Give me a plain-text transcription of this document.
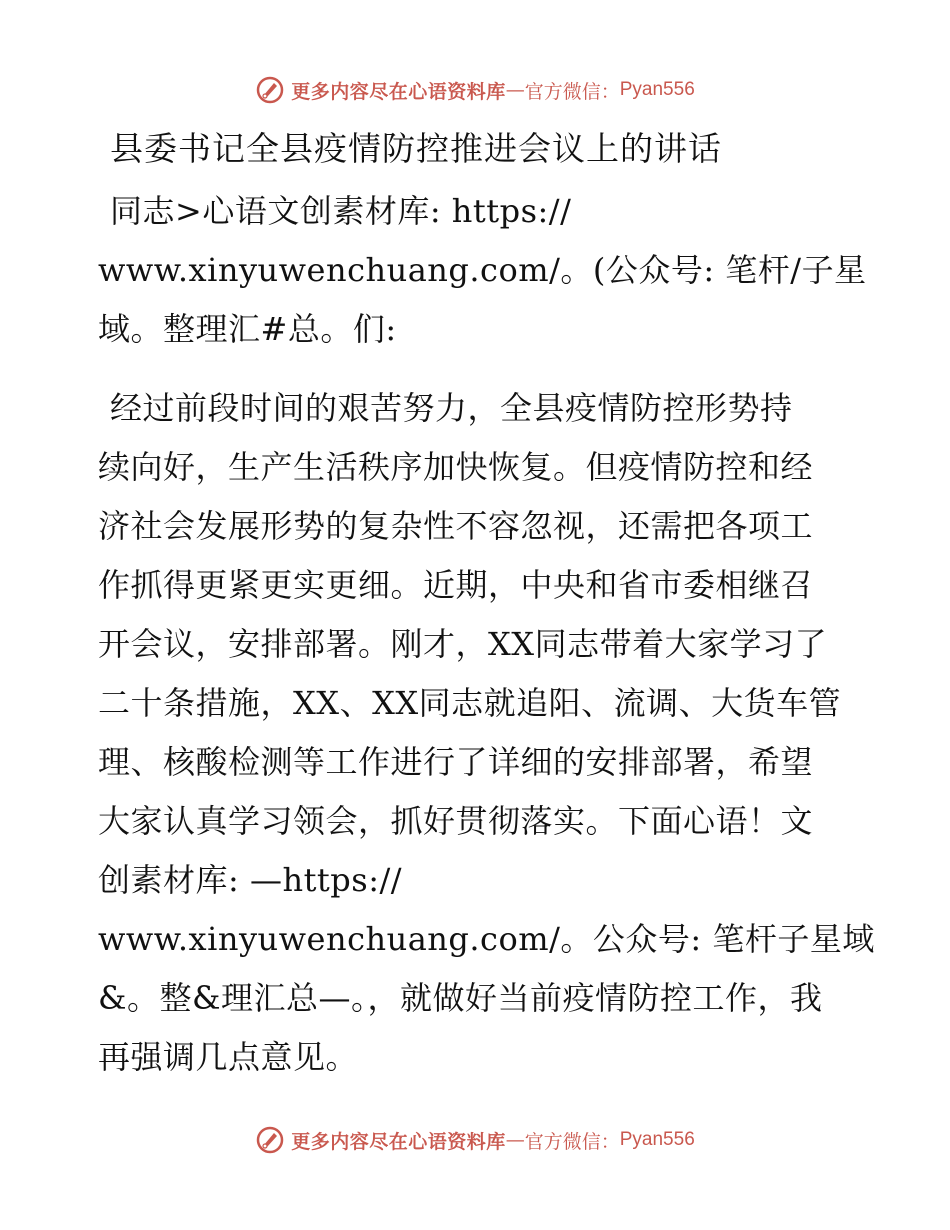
更多内容尽在心语资料库 — 官方微信： Pyan556
县委书记全县疫情防控推进会议上的讲话

同志>心语文创素材库: https://
www.xinyuwenchuang.com/。(公众号: 笔杆/子星
域。整理汇#总。们:

经过前段时间的艰苦努力，全县疫情防控形势持
续向好，生产生活秩序加快恢复。但疫情防控和经
济社会发展形势的复杂性不容忽视，还需把各项工
作抓得更紧更实更细。近期，中央和省市委相继召
开会议，安排部署。刚才，XX同志带着大家学习了
二十条措施，XX、XX同志就追阳、流调、大货车管
理、核酸检测等工作进行了详细的安排部署，希望
大家认真学习领会，抓好贯彻落实。下面心语！文
创素材库: —https://
www.xinyuwenchuang.com/。公众号: 笔杆子星域
&。整&理汇总—。，就做好当前疫情防控工作，我
再强调几点意见。

更多内容尽在心语资料库 — 官方微信： Pyan556
